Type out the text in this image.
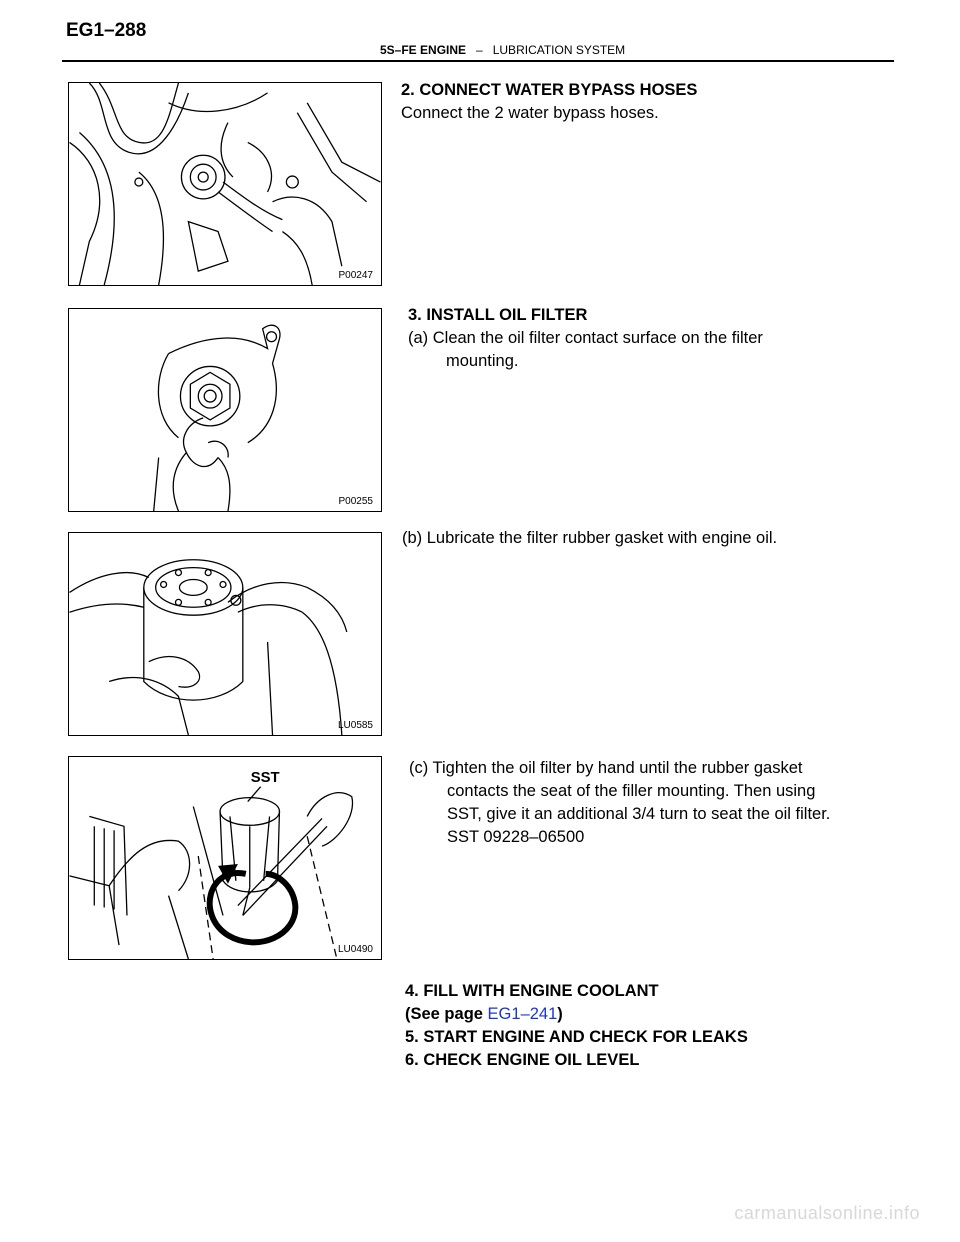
EG1–288
5S–FE ENGINE – LUBRICATION SYSTEM
P00247
P00255
LU0585
SST
LU0490
2. CONNECT WATER BYPASS HOSES
Connect the 2 water bypass hoses.
3. INSTALL OIL FILTER
(a) Clean the oil filter contact surface on the filter
mounting.
(b) Lubricate the filter rubber gasket with engine oil.
(c) Tighten the oil filter by hand until the rubber gasket
contacts the seat of the filler mounting. Then using
SST, give it an additional 3/4 turn to seat the oil filter.
SST 09228–06500
4. FILL WITH ENGINE COOLANT
(See page EG1–241)
5. START ENGINE AND CHECK FOR LEAKS
6. CHECK ENGINE OIL LEVEL
carmanualsonline.info
